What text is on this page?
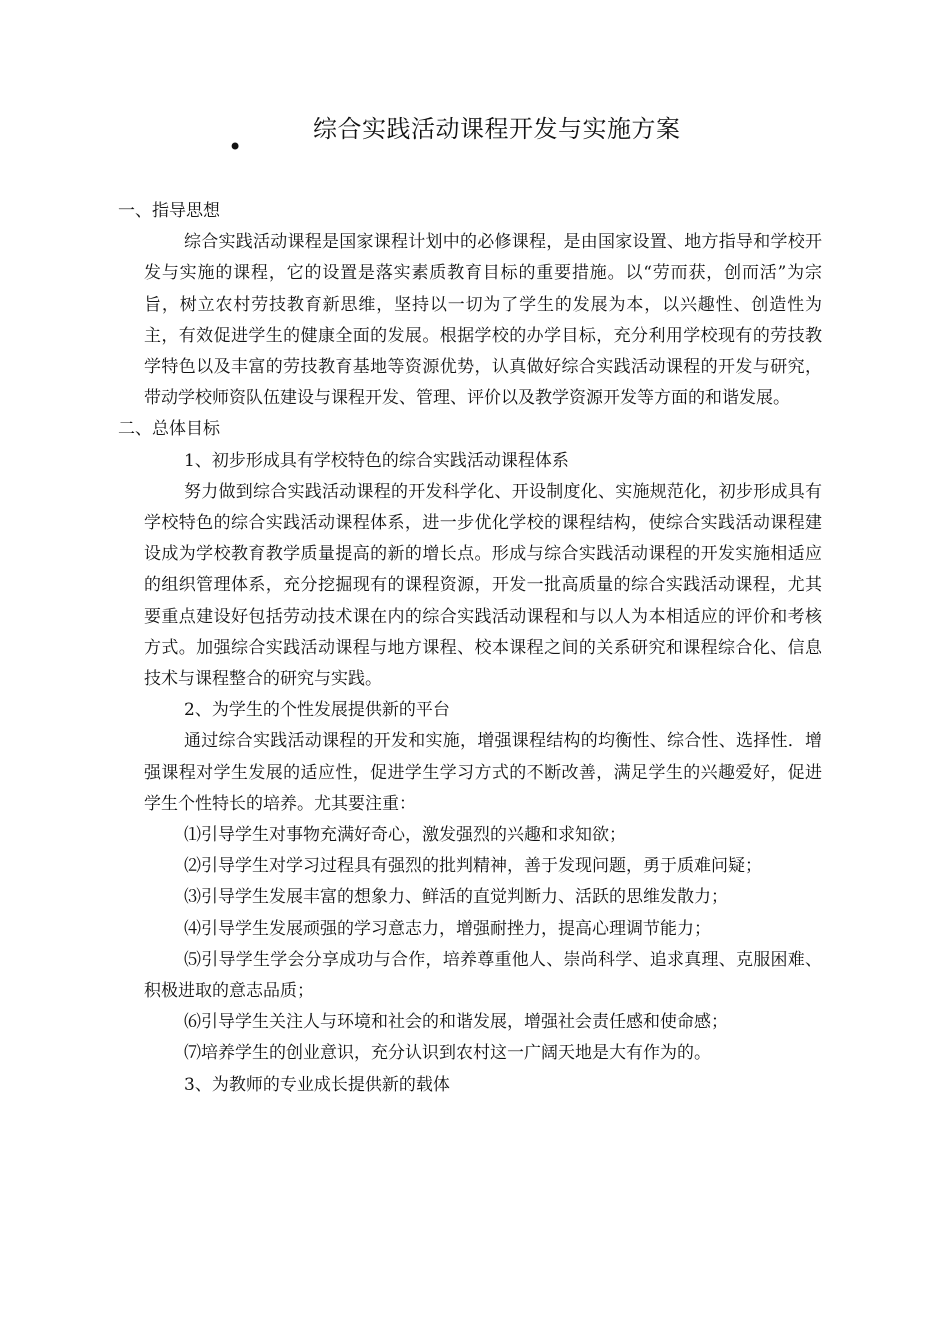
•
综合实践活动课程开发与实施方案

一、指导思想

综合实践活动课程是国家课程计划中的必修课程，是由国家设置、地方指导和学校开发与实施的课程，它的设置是落实素质教育目标的重要措施。以“劳而获，创而活”为宗旨，树立农村劳技教育新思维，坚持以一切为了学生的发展为本，以兴趣性、创造性为主，有效促进学生的健康全面的发展。根据学校的办学目标，充分利用学校现有的劳技教学特色以及丰富的劳技教育基地等资源优势，认真做好综合实践活动课程的开发与研究，带动学校师资队伍建设与课程开发、管理、评价以及教学资源开发等方面的和谐发展。

二、总体目标

1、初步形成具有学校特色的综合实践活动课程体系

努力做到综合实践活动课程的开发科学化、开设制度化、实施规范化，初步形成具有学校特色的综合实践活动课程体系，进一步优化学校的课程结构，使综合实践活动课程建设成为学校教育教学质量提高的新的增长点。形成与综合实践活动课程的开发实施相适应的组织管理体系，充分挖掘现有的课程资源，开发一批高质量的综合实践活动课程，尤其要重点建设好包括劳动技术课在内的综合实践活动课程和与以人为本相适应的评价和考核方式。加强综合实践活动课程与地方课程、校本课程之间的关系研究和课程综合化、信息技术与课程整合的研究与实践。

2、为学生的个性发展提供新的平台

通过综合实践活动课程的开发和实施，增强课程结构的均衡性、综合性、选择性．增强课程对学生发展的适应性，促进学生学习方式的不断改善，满足学生的兴趣爱好，促进学生个性特长的培养。尤其要注重：

⑴引导学生对事物充满好奇心，激发强烈的兴趣和求知欲；

⑵引导学生对学习过程具有强烈的批判精神，善于发现问题，勇于质难问疑；

⑶引导学生发展丰富的想象力、鲜活的直觉判断力、活跃的思维发散力；

⑷引导学生发展顽强的学习意志力，增强耐挫力，提高心理调节能力；

⑸引导学生学会分享成功与合作，培养尊重他人、崇尚科学、追求真理、克服困难、积极进取的意志品质；

⑹引导学生关注人与环境和社会的和谐发展，增强社会责任感和使命感；

⑺培养学生的创业意识，充分认识到农村这一广阔天地是大有作为的。

3、为教师的专业成长提供新的载体
